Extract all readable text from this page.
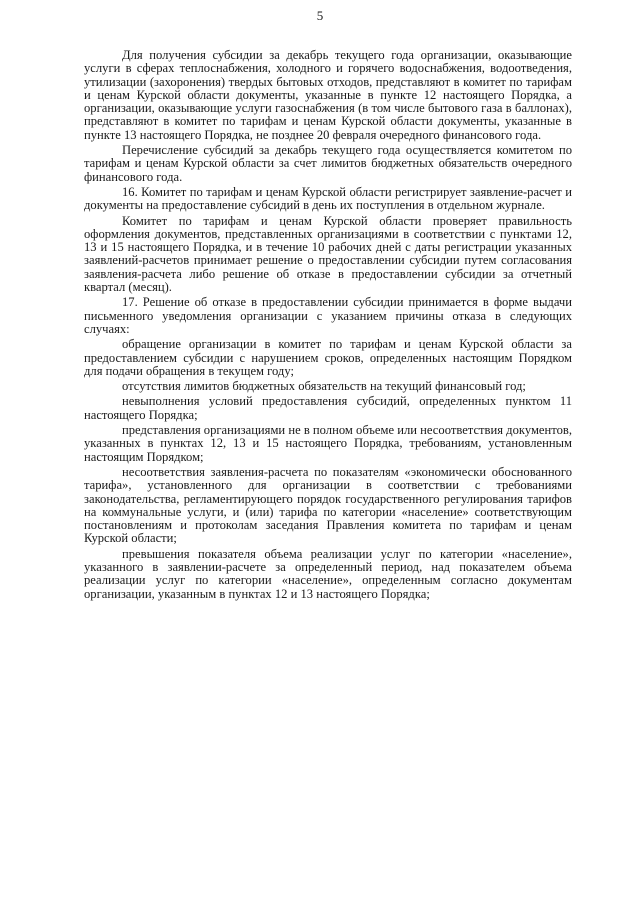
5

Для получения субсидии за декабрь текущего года организации, оказывающие услуги в сферах теплоснабжения, холодного и горячего водоснабжения, водоотведения, утилизации (захоронения) твердых бытовых отходов, представляют в комитет по тарифам и ценам Курской области документы, указанные в пункте 12 настоящего Порядка, а организации, оказывающие услуги газоснабжения (в том числе бытового газа в баллонах), представляют в комитет по тарифам и ценам Курской области документы, указанные в пункте 13 настоящего Порядка, не позднее 20 февраля очередного финансового года.

Перечисление субсидий за декабрь текущего года осуществляется комитетом по тарифам и ценам Курской области за счет лимитов бюджетных обязательств очередного финансового года.

16. Комитет по тарифам и ценам Курской области регистрирует заявление-расчет и документы на предоставление субсидий в день их поступления в отдельном журнале.

Комитет по тарифам и ценам Курской области проверяет правильность оформления документов, представленных организациями в соответствии с пунктами 12, 13 и 15 настоящего Порядка, и в течение 10 рабочих дней с даты регистрации указанных заявлений-расчетов принимает решение о предоставлении субсидии путем согласования заявления-расчета либо решение об отказе в предоставлении субсидии за отчетный квартал (месяц).

17. Решение об отказе в предоставлении субсидии принимается в форме выдачи письменного уведомления организации с указанием причины отказа в следующих случаях:

обращение организации в комитет по тарифам и ценам Курской области за предоставлением субсидии с нарушением сроков, определенных настоящим Порядком для подачи обращения в текущем году;

отсутствия лимитов бюджетных обязательств на текущий финансовый год;

невыполнения условий предоставления субсидий, определенных пунктом 11 настоящего Порядка;

представления организациями не в полном объеме или несоответствия документов, указанных в пунктах 12, 13 и 15 настоящего Порядка, требованиям, установленным настоящим Порядком;

несоответствия заявления-расчета по показателям «экономически обоснованного тарифа», установленного для организации в соответствии с требованиями законодательства, регламентирующего порядок государственного регулирования тарифов на коммунальные услуги, и (или) тарифа по категории «население» соответствующим постановлениям и протоколам заседания Правления комитета по тарифам и ценам Курской области;

превышения показателя объема реализации услуг по категории «население», указанного в заявлении-расчете за определенный период, над показателем объема реализации услуг по категории «население», определенным согласно документам организации, указанным в пунктах 12 и 13 настоящего Порядка;
